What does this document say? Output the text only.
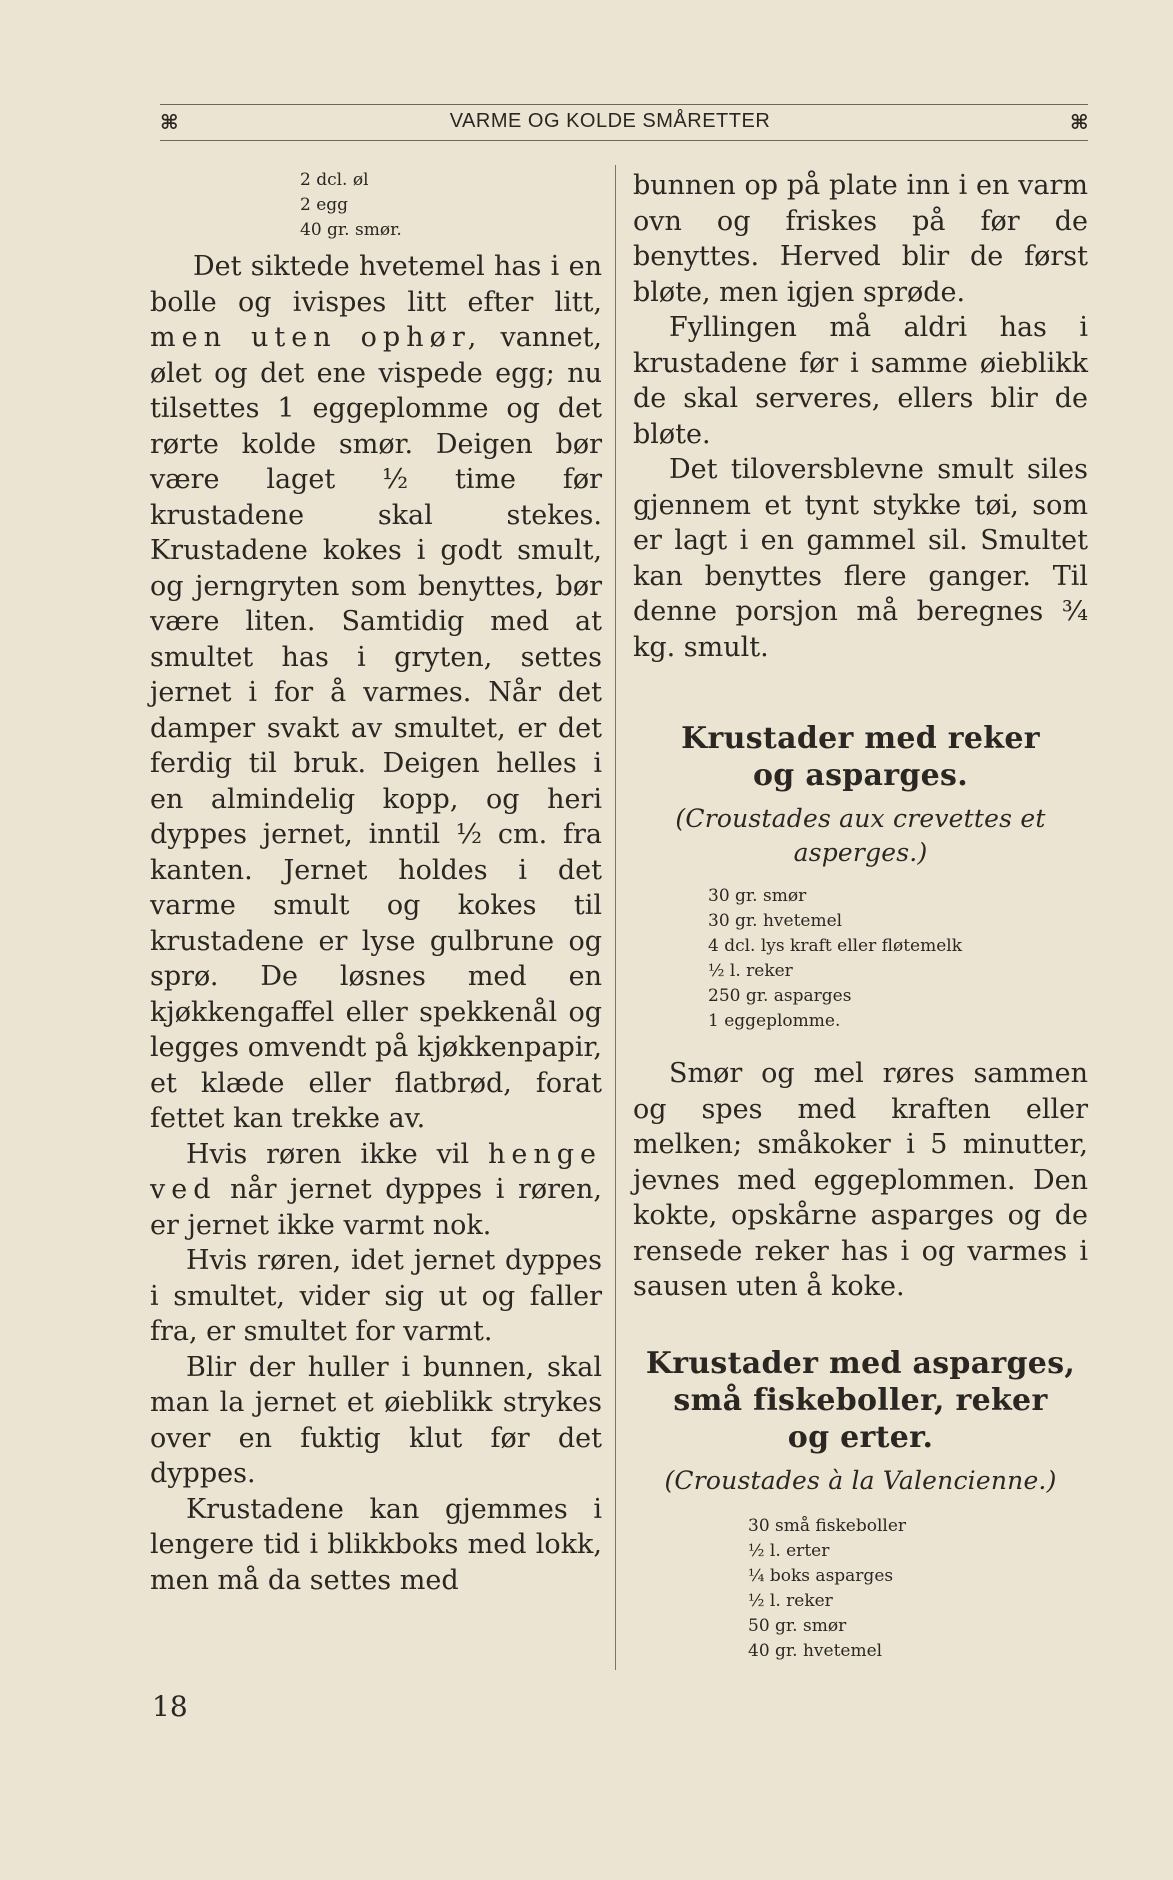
⌘	VARME OG KOLDE SMÅRETTER	⌘
2 dcl. øl
2 egg
40 gr. smør.

Det siktede hvetemel has i en bolle og ivispes litt efter litt, men uten ophør, vannet, ølet og det ene vispede egg; nu tilsettes 1 eggeplomme og det rørte kolde smør. Deigen bør være laget ½ time før krustadene skal stekes. Krustadene kokes i godt smult, og jerngryten som benyttes, bør være liten. Samtidig med at smultet has i gryten, settes jernet i for å varmes. Når det damper svakt av smultet, er det ferdig til bruk. Deigen helles i en almindelig kopp, og heri dyppes jernet, inntil ½ cm. fra kanten. Jernet holdes i det varme smult og kokes til krustadene er lyse gulbrune og sprø. De løsnes med en kjøkkengaffel eller spekkenål og legges omvendt på kjøkkenpapir, et klæde eller flatbrød, forat fettet kan trekke av.

Hvis røren ikke vil henge ved når jernet dyppes i røren, er jernet ikke varmt nok.

Hvis røren, idet jernet dyppes i smultet, vider sig ut og faller fra, er smultet for varmt.

Blir der huller i bunnen, skal man la jernet et øieblikk strykes over en fuktig klut før det dyppes.

Krustadene kan gjemmes i lengere tid i blikkboks med lokk, men må da settes med

bunnen op på plate inn i en varm ovn og friskes på før de benyttes. Herved blir de først bløte, men igjen sprøde.

Fyllingen må aldri has i krustadene før i samme øieblikk de skal serveres, ellers blir de bløte.

Det tiloversblevne smult siles gjennem et tynt stykke tøi, som er lagt i en gammel sil. Smultet kan benyttes flere ganger. Til denne porsjon må beregnes ¾ kg. smult.

Krustader med reker
og asparges.

(Croustades aux crevettes et asperges.)

30 gr. smør
30 gr. hvetemel
4 dcl. lys kraft eller fløtemelk
½ l. reker
250 gr. asparges
1 eggeplomme.

Smør og mel røres sammen og spes med kraften eller melken; småkoker i 5 minutter, jevnes med eggeplommen. Den kokte, opskårne asparges og de rensede reker has i og varmes i sausen uten å koke.

Krustader med asparges,
små fiskeboller, reker
og erter.

(Croustades à la Valencienne.)

30 små fiskeboller
½ l. erter
¼ boks asparges
½ l. reker
50 gr. smør
40 gr. hvetemel
18
